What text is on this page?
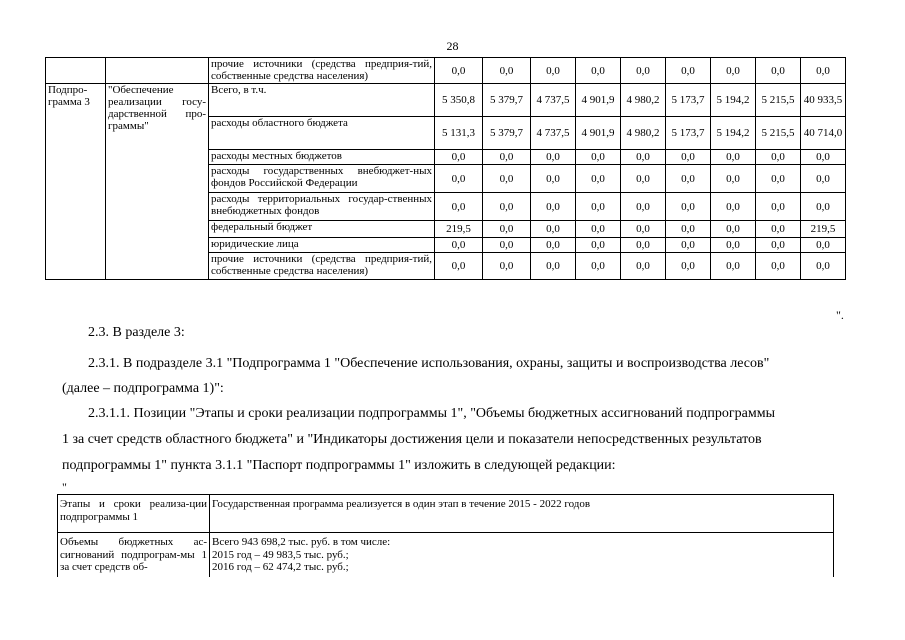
28
		прочие источники (средства предприя-тий, собственные средства населения)	0,0	0,0	0,0	0,0	0,0	0,0	0,0	0,0	0,0
Подпро-грамма 3	"Обеспечение реализации госу-дарственной про-граммы"	Всего, в т.ч.	5 350,8	5 379,7	4 737,5	4 901,9	4 980,2	5 173,7	5 194,2	5 215,5	40 933,5
		расходы областного бюджета	5 131,3	5 379,7	4 737,5	4 901,9	4 980,2	5 173,7	5 194,2	5 215,5	40 714,0
		расходы местных бюджетов	0,0	0,0	0,0	0,0	0,0	0,0	0,0	0,0	0,0
		расходы государственных внебюджет-ных фондов Российской Федерации	0,0	0,0	0,0	0,0	0,0	0,0	0,0	0,0	0,0
		расходы территориальных государ-ственных внебюджетных фондов	0,0	0,0	0,0	0,0	0,0	0,0	0,0	0,0	0,0
		федеральный бюджет	219,5	0,0	0,0	0,0	0,0	0,0	0,0	0,0	219,5
		юридические лица	0,0	0,0	0,0	0,0	0,0	0,0	0,0	0,0	0,0
		прочие источники (средства предприя-тий, собственные средства населения)	0,0	0,0	0,0	0,0	0,0	0,0	0,0	0,0	0,0
".
2.3. В разделе 3:
2.3.1. В подразделе 3.1 "Подпрограмма 1 "Обеспечение использования, охраны, защиты и воспроизводства лесов"
(далее – подпрограмма 1)":
2.3.1.1. Позиции "Этапы и сроки реализации подпрограммы 1", "Объемы бюджетных ассигнований подпрограммы
1 за счет средств областного бюджета" и "Индикаторы достижения цели и показатели непосредственных результатов
подпрограммы 1" пункта 3.1.1 "Паспорт подпрограммы 1" изложить в следующей редакции:
"
Этапы и сроки реализа-ции подпрограммы 1	Государственная программа реализуется в один этап в течение 2015 - 2022 годов
Объемы бюджетных ас-сигнований подпрограм-мы 1 за счет средств об-	Всего 943 698,2 тыс. руб. в том числе:
2015 год – 49 983,5 тыс. руб.;
2016 год – 62 474,2 тыс. руб.;
